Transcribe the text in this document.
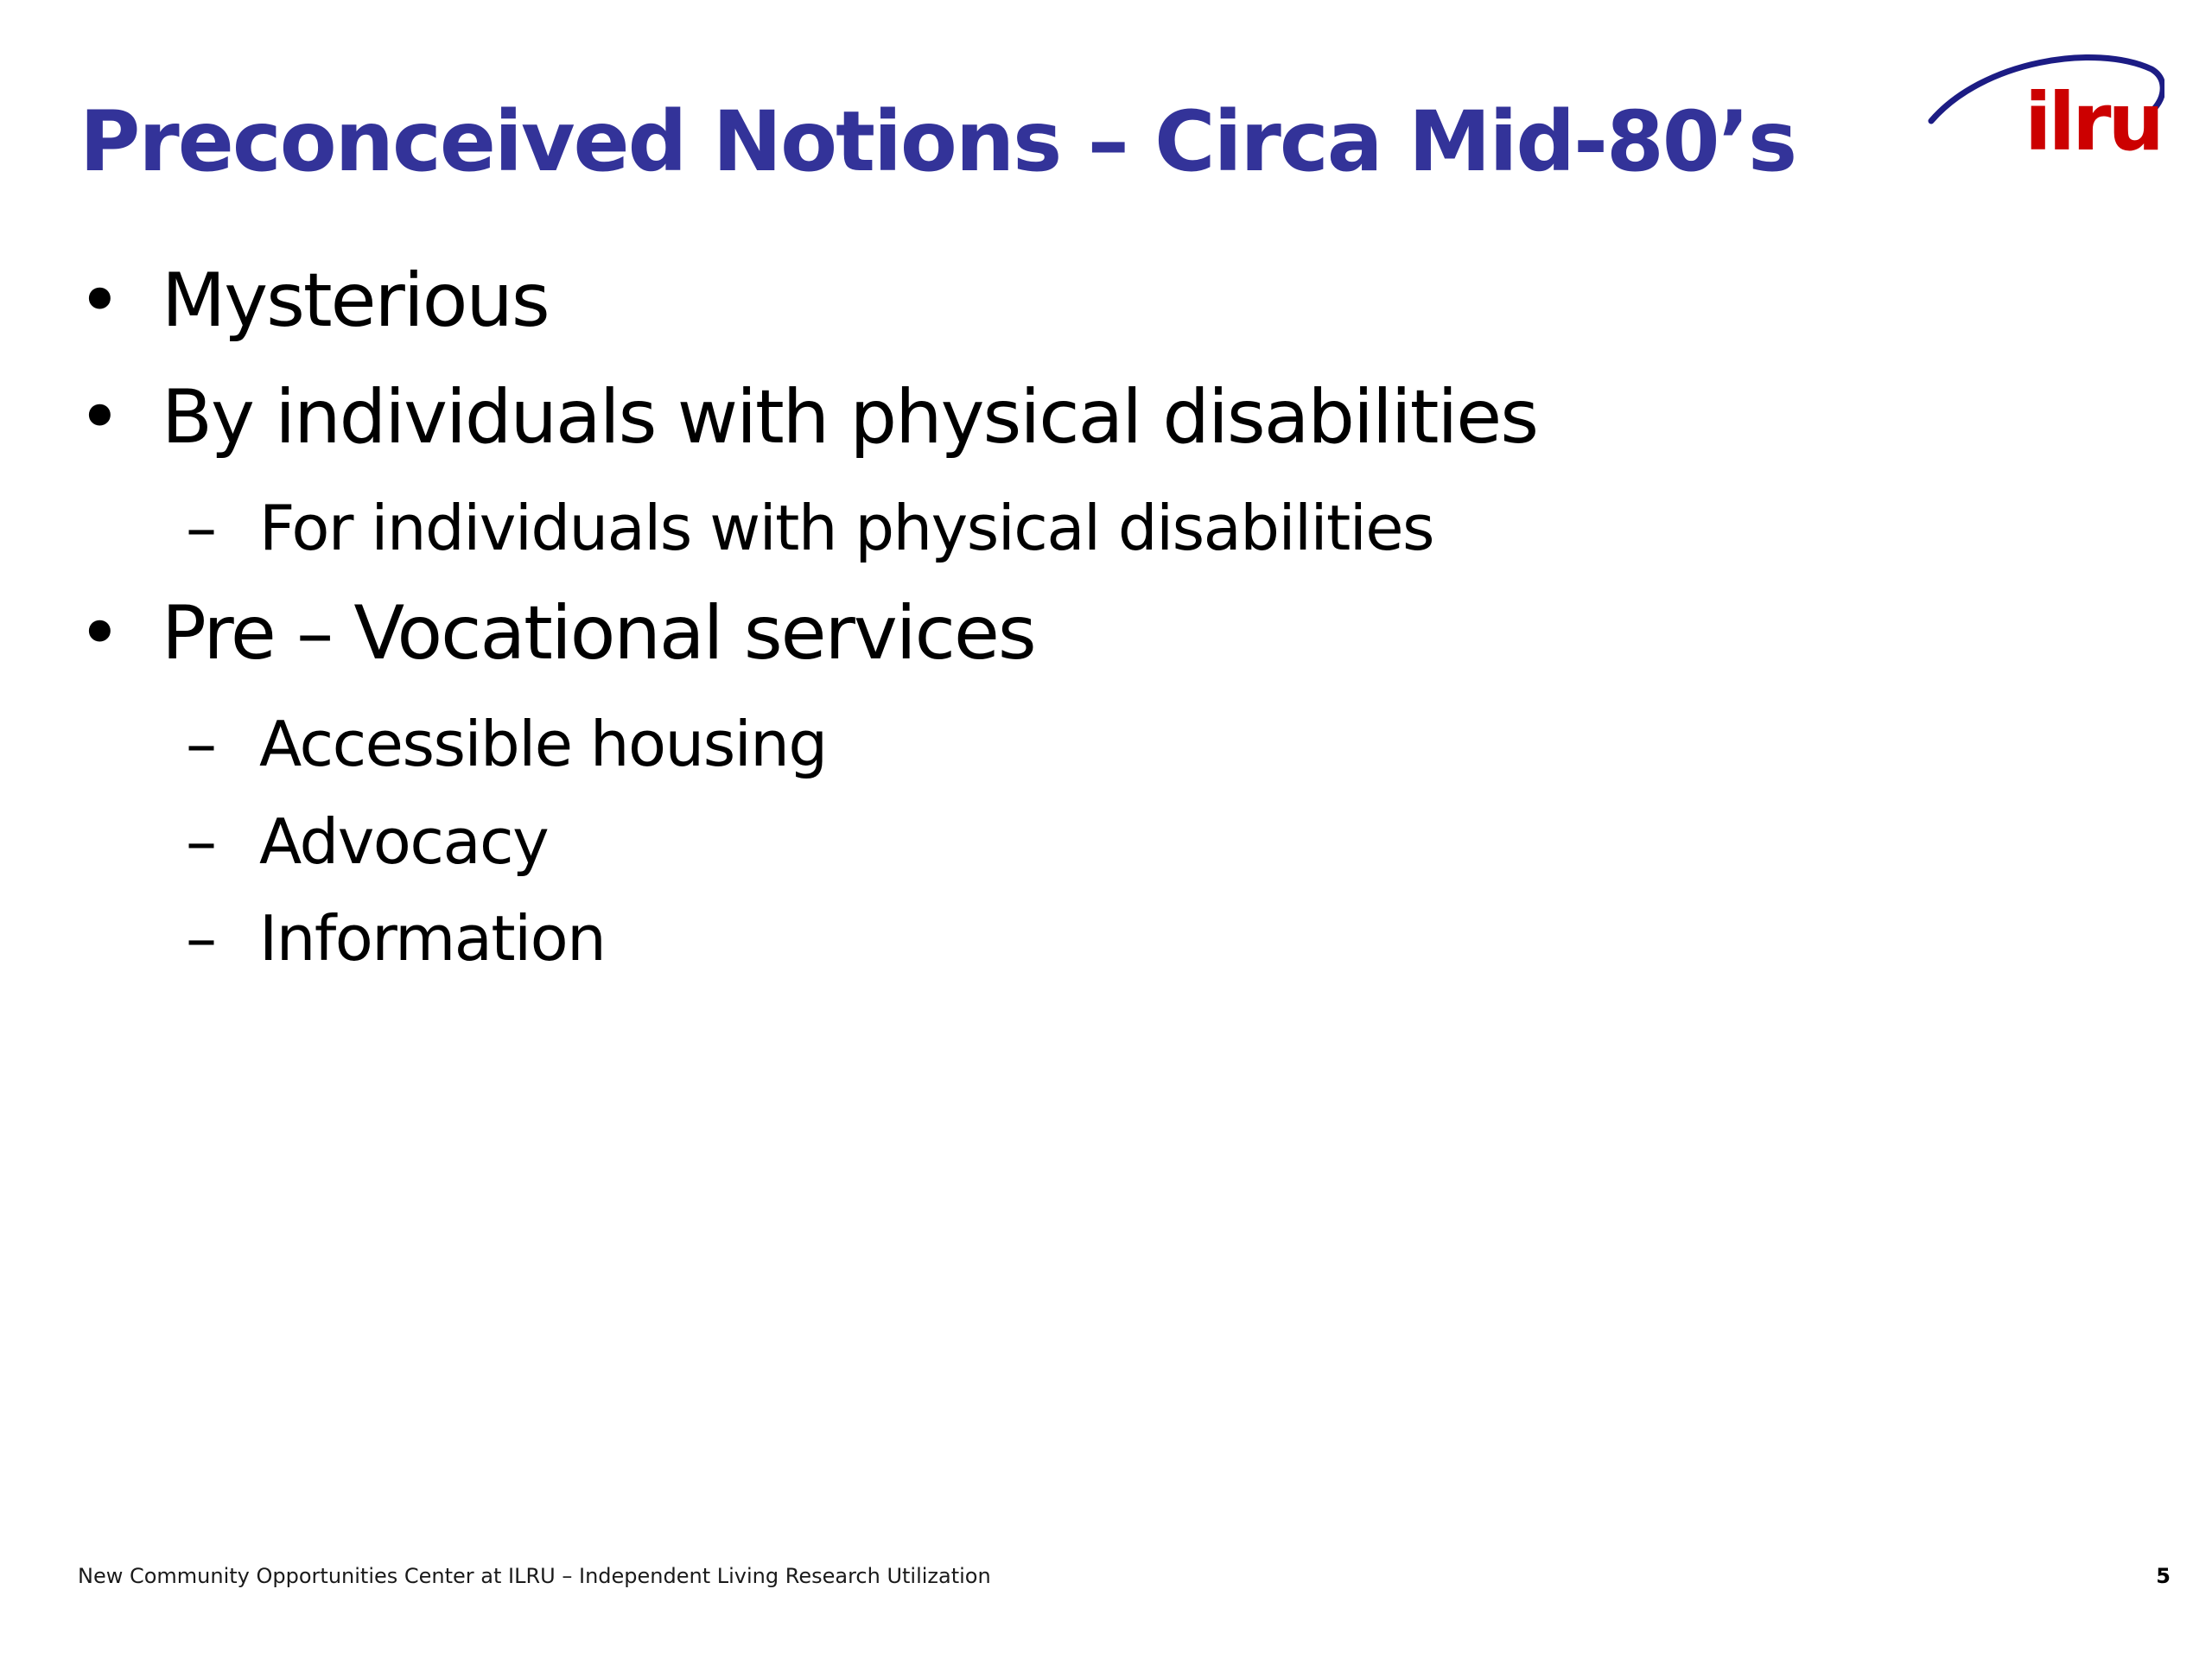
Preconceived Notions – Circa Mid-80’s	ilru
• Mysterious
• By individuals with physical disabilities
– For individuals with physical disabilities
• Pre – Vocational services
– Accessible housing
– Advocacy
– Information
New Community Opportunities Center at ILRU – Independent Living Research Utilization	5
